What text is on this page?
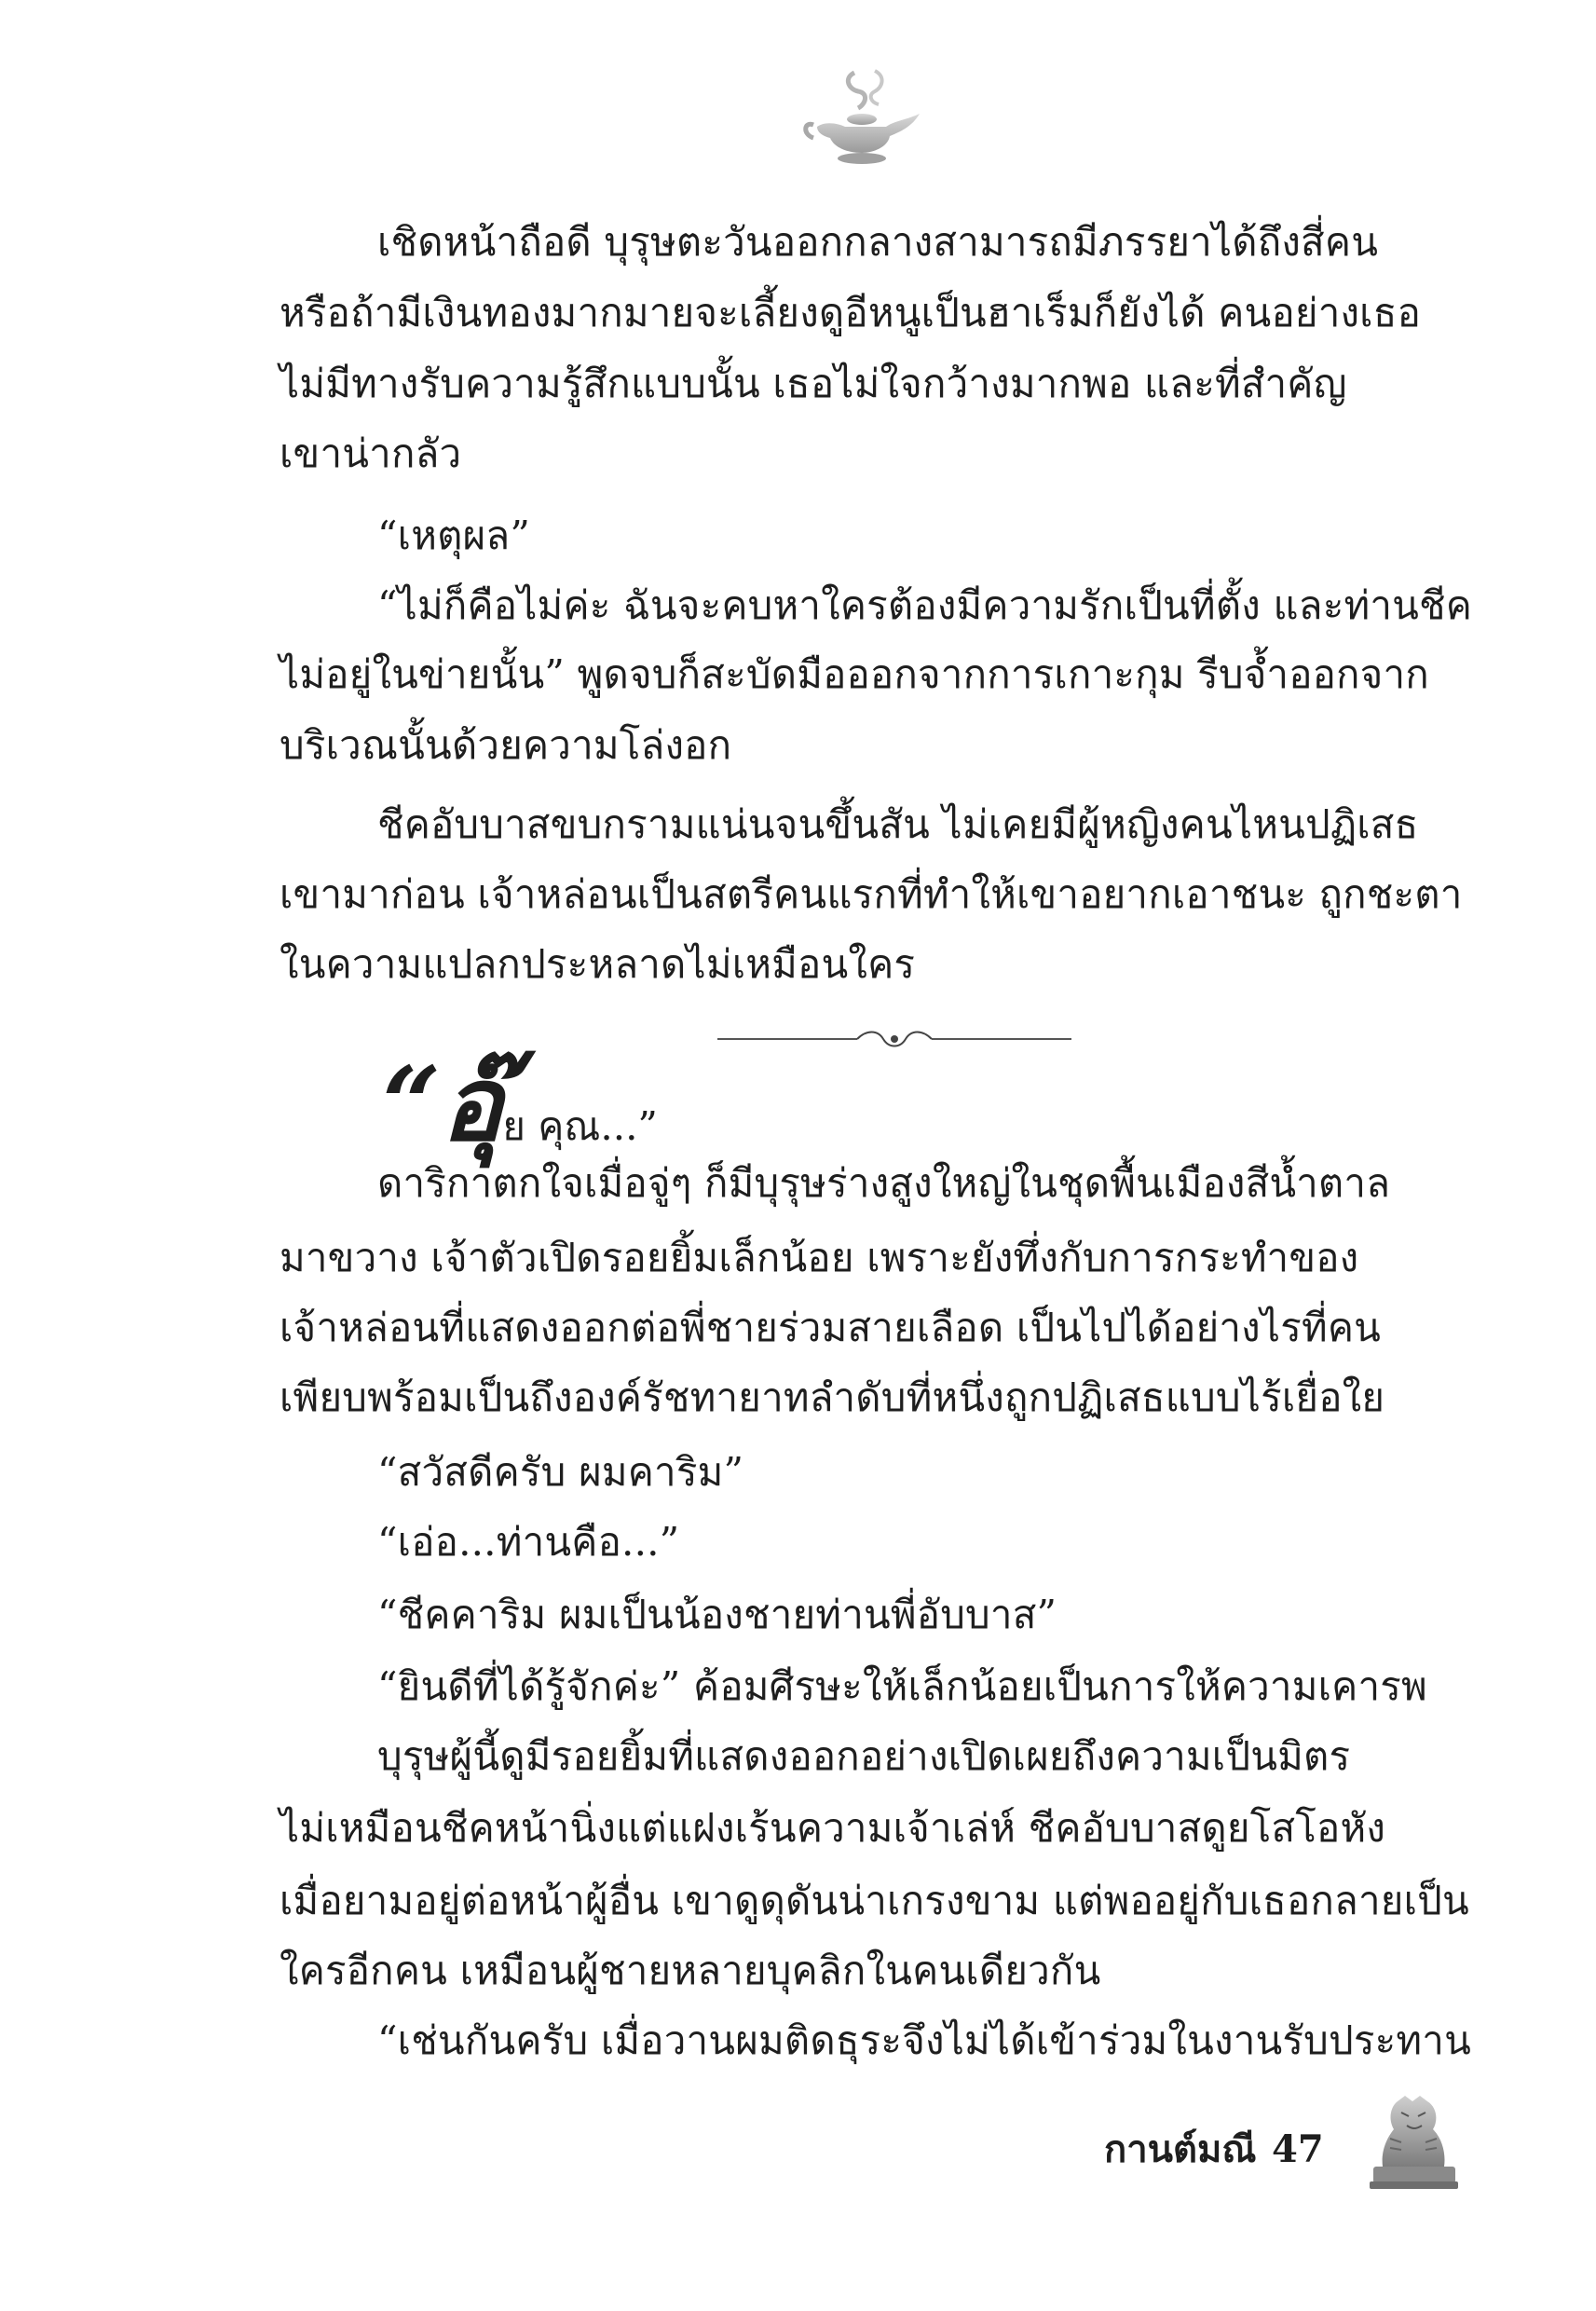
เชิดหน้าถือดี บุรุษตะวันออกกลางสามารถมีภรรยาได้ถึงสี่คน
หรือถ้ามีเงินทองมากมายจะเลี้ยงดูอีหนูเป็นฮาเร็มก็ยังได้ คนอย่างเธอ
ไม่มีทางรับความรู้สึกแบบนั้น เธอไม่ใจกว้างมากพอ และที่สำคัญ
เขาน่ากลัว
“เหตุผล”
“ไม่ก็คือไม่ค่ะ ฉันจะคบหาใครต้องมีความรักเป็นที่ตั้ง และท่านชีค
ไม่อยู่ในข่ายนั้น” พูดจบก็สะบัดมือออกจากการเกาะกุม รีบจ้ำออกจาก
บริเวณนั้นด้วยความโล่งอก
ชีคอับบาสขบกรามแน่นจนขึ้นสัน ไม่เคยมีผู้หญิงคนไหนปฏิเสธ
เขามาก่อน เจ้าหล่อนเป็นสตรีคนแรกที่ทำให้เขาอยากเอาชนะ ถูกชะตา
ในความแปลกประหลาดไม่เหมือนใคร
“อุ๊ย คุณ...”
ดาริกาตกใจเมื่อจู่ๆ ก็มีบุรุษร่างสูงใหญ่ในชุดพื้นเมืองสีน้ำตาล
มาขวาง เจ้าตัวเปิดรอยยิ้มเล็กน้อย เพราะยังทึ่งกับการกระทำของ
เจ้าหล่อนที่แสดงออกต่อพี่ชายร่วมสายเลือด เป็นไปได้อย่างไรที่คน
เพียบพร้อมเป็นถึงองค์รัชทายาทลำดับที่หนึ่งถูกปฏิเสธแบบไร้เยื่อใย
“สวัสดีครับ ผมคาริม”
“เอ่อ...ท่านคือ...”
“ชีคคาริม ผมเป็นน้องชายท่านพี่อับบาส”
“ยินดีที่ได้รู้จักค่ะ” ค้อมศีรษะให้เล็กน้อยเป็นการให้ความเคารพ
บุรุษผู้นี้ดูมีรอยยิ้มที่แสดงออกอย่างเปิดเผยถึงความเป็นมิตร
ไม่เหมือนชีคหน้านิ่งแต่แฝงเร้นความเจ้าเล่ห์ ชีคอับบาสดูยโสโอหัง
เมื่อยามอยู่ต่อหน้าผู้อื่น เขาดูดุดันน่าเกรงขาม แต่พออยู่กับเธอกลายเป็น
ใครอีกคน เหมือนผู้ชายหลายบุคลิกในคนเดียวกัน
“เช่นกันครับ เมื่อวานผมติดธุระจึงไม่ได้เข้าร่วมในงานรับประทาน
กานต์มณี 47
